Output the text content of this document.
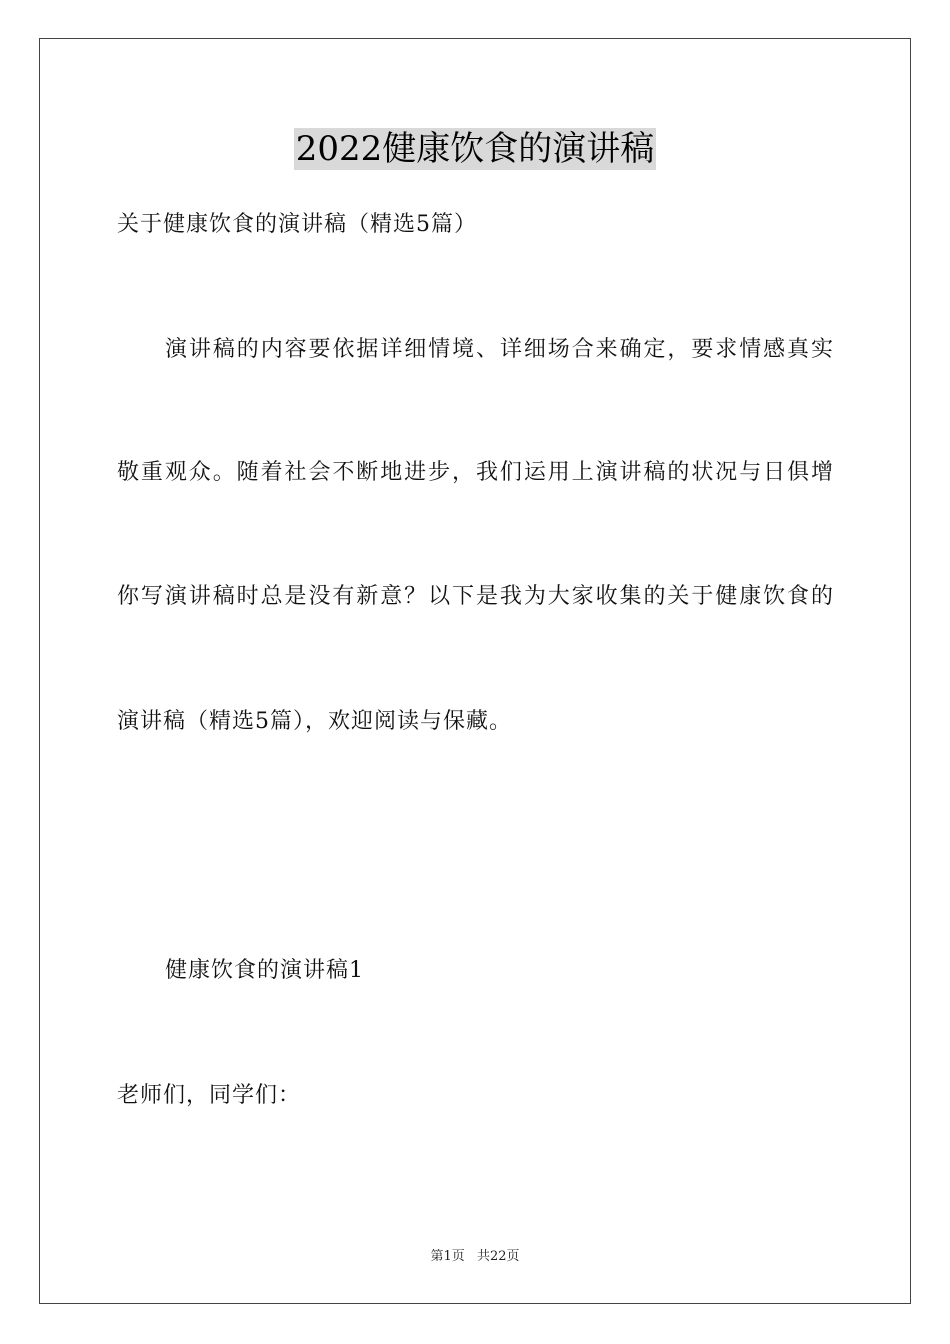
2022健康饮食的演讲稿
关于健康饮食的演讲稿（精选5篇）
演讲稿的内容要依据详细情境、详细场合来确定，要求情感真实
敬重观众。随着社会不断地进步，我们运用上演讲稿的状况与日俱增
你写演讲稿时总是没有新意？以下是我为大家收集的关于健康饮食的
演讲稿（精选5篇），欢迎阅读与保藏。
健康饮食的演讲稿1
老师们，同学们：
第1页 共22页
